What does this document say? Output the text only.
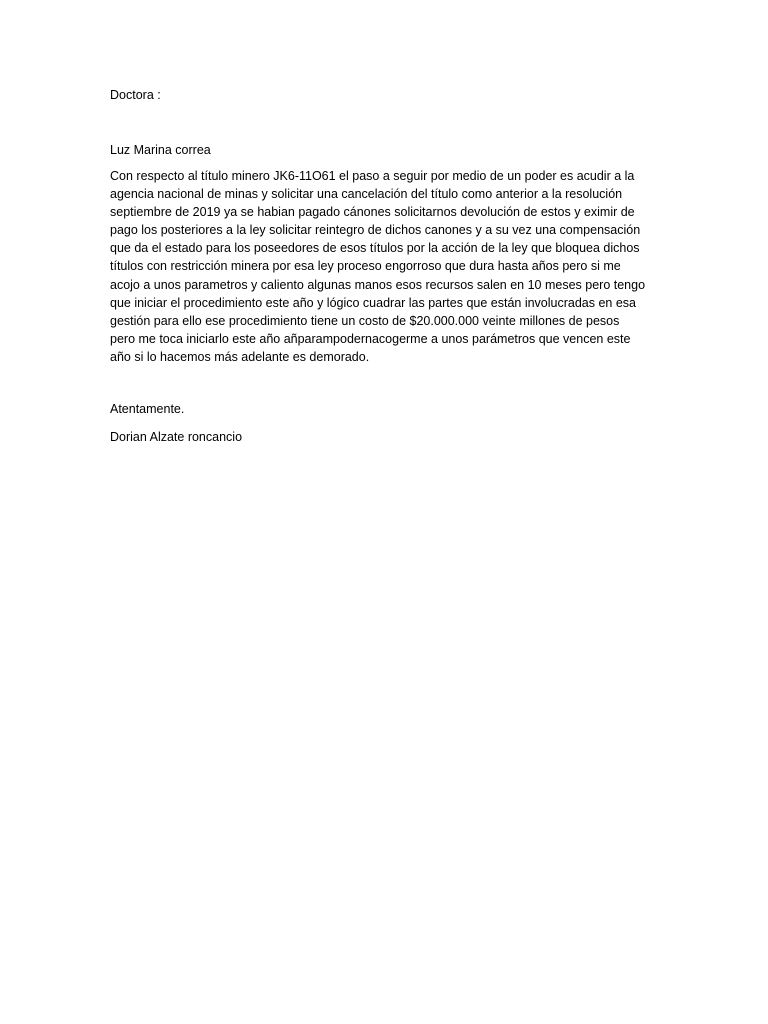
Doctora :
Luz Marina correa
Con respecto al título minero JK6-11O61 el paso a seguir por medio de un poder es acudir a la
agencia nacional de minas y solicitar una cancelación del título como anterior a la resolución
septiembre de 2019 ya se habian pagado cánones solicitarnos devolución de estos y eximir de
pago los posteriores a la ley solicitar reintegro de dichos canones y a su vez una compensación
que da el estado para los poseedores de esos títulos por la acción de la ley que bloquea dichos
títulos con restricción minera por esa ley proceso engorroso que dura hasta años pero si me
acojo a unos parametros y caliento algunas manos esos recursos salen en 10 meses pero tengo
que iniciar el procedimiento este año y lógico cuadrar las partes que están involucradas en esa
gestión para ello ese procedimiento tiene un costo de $20.000.000 veinte millones de pesos
pero me toca iniciarlo este año añparampodernacogerme a unos parámetros que vencen este
año si lo hacemos más adelante es demorado.
Atentamente.
Dorian Alzate roncancio
